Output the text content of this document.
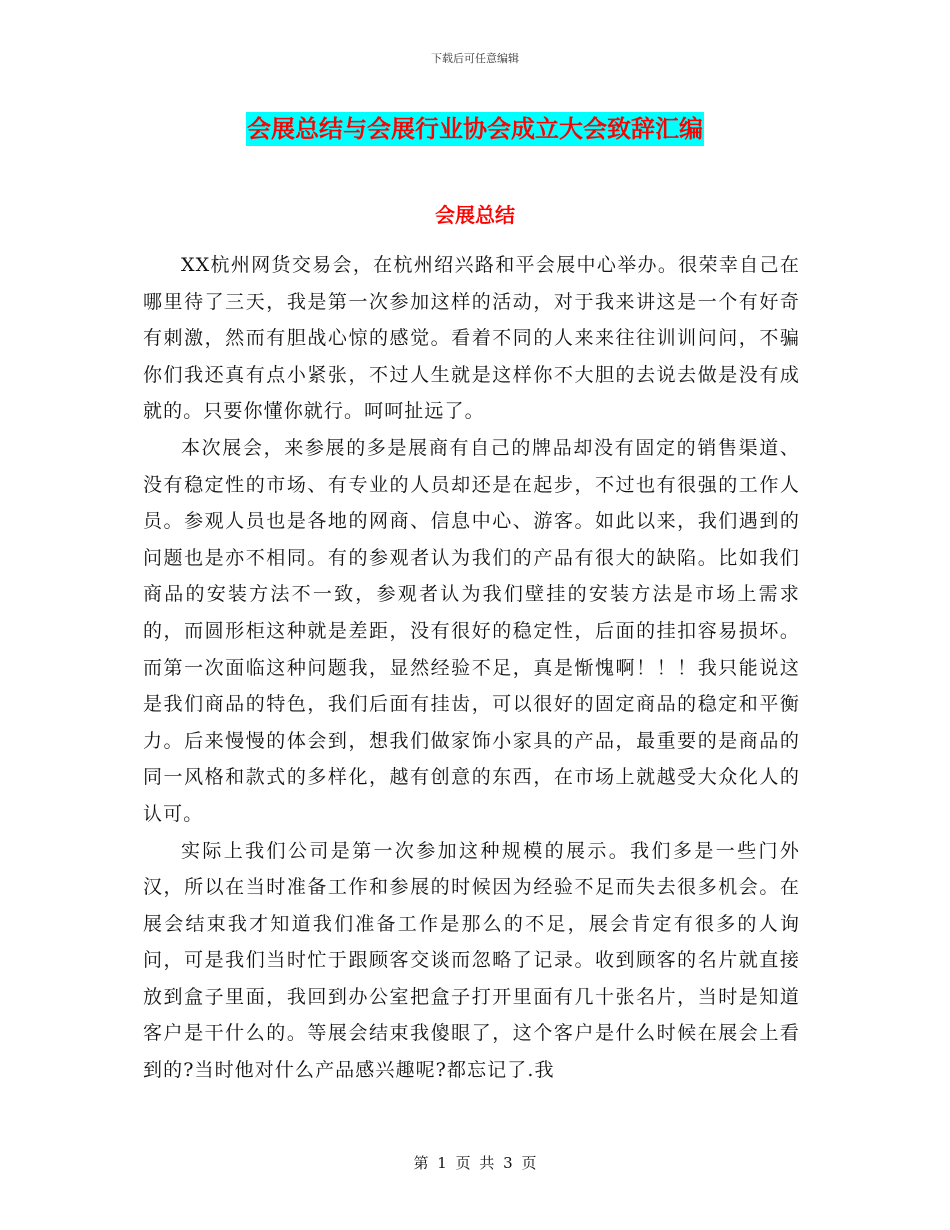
下载后可任意编辑
会展总结与会展行业协会成立大会致辞汇编
会展总结

XX杭州网货交易会，在杭州绍兴路和平会展中心举办。很荣幸自己在哪里待了三天，我是第一次参加这样的活动，对于我来讲这是一个有好奇有刺激，然而有胆战心惊的感觉。看着不同的人来来往往训训问问，不骗你们我还真有点小紧张，不过人生就是这样你不大胆的去说去做是没有成就的。只要你懂你就行。呵呵扯远了。

本次展会，来参展的多是展商有自己的牌品却没有固定的销售渠道、没有稳定性的市场、有专业的人员却还是在起步，不过也有很强的工作人员。参观人员也是各地的网商、信息中心、游客。如此以来，我们遇到的问题也是亦不相同。有的参观者认为我们的产品有很大的缺陷。比如我们商品的安装方法不一致，参观者认为我们壁挂的安装方法是市场上需求的，而圆形柜这种就是差距，没有很好的稳定性，后面的挂扣容易损坏。而第一次面临这种问题我，显然经验不足，真是惭愧啊！！！我只能说这是我们商品的特色，我们后面有挂齿，可以很好的固定商品的稳定和平衡力。后来慢慢的体会到，想我们做家饰小家具的产品，最重要的是商品的同一风格和款式的多样化，越有创意的东西，在市场上就越受大众化人的认可。

实际上我们公司是第一次参加这种规模的展示。我们多是一些门外汉，所以在当时准备工作和参展的时候因为经验不足而失去很多机会。在展会结束我才知道我们准备工作是那么的不足，展会肯定有很多的人询问，可是我们当时忙于跟顾客交谈而忽略了记录。收到顾客的名片就直接放到盒子里面，我回到办公室把盒子打开里面有几十张名片，当时是知道客户是干什么的。等展会结束我傻眼了，这个客户是什么时候在展会上看到的?当时他对什么产品感兴趣呢?都忘记了.我

第 1 页 共 3 页
